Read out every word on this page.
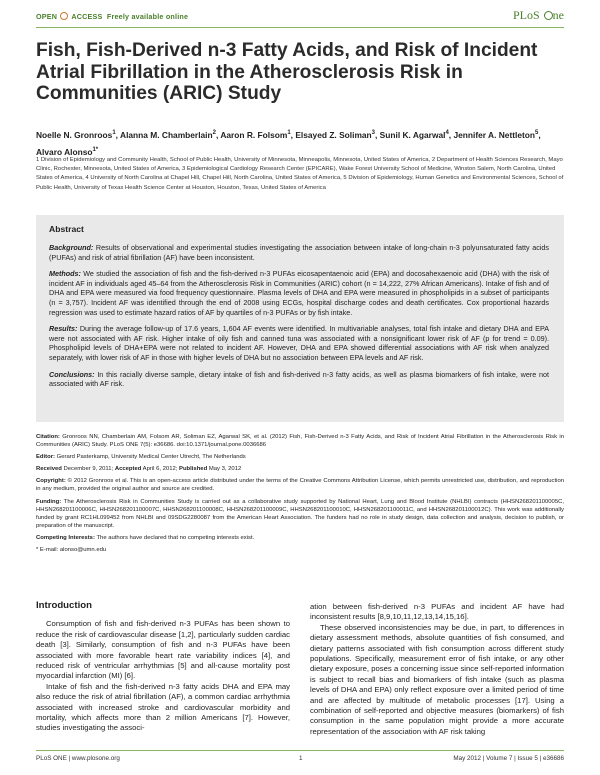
OPEN ACCESS Freely available online	PLoS ne
Fish, Fish-Derived n-3 Fatty Acids, and Risk of Incident Atrial Fibrillation in the Atherosclerosis Risk in Communities (ARIC) Study
Noelle N. Gronroos$^1$, Alanna M. Chamberlain$^2$, Aaron R. Folsom$^1$, Elsayed Z. Soliman$^3$, Sunil K. Agarwal$^4$, Jennifer A. Nettleton$^5$, Alvaro Alonso$^{1*}$
1 Division of Epidemiology and Community Health, School of Public Health, University of Minnesota, Minneapolis, Minnesota, United States of America, 2 Department of Health Sciences Research, Mayo Clinic, Rochester, Minnesota, United States of America, 3 Epidemiological Cardiology Research Center (EPICARE), Wake Forest University School of Medicine, Winston Salem, North Carolina, United States of America, 4 University of North Carolina at Chapel Hill, Chapel Hill, North Carolina, United States of America, 5 Division of Epidemiology, Human Genetics and Environmental Sciences, School of Public Health, University of Texas Health Science Center at Houston, Houston, Texas, United States of America
Abstract

Background: Results of observational and experimental studies investigating the association between intake of long-chain n-3 polyunsaturated fatty acids (PUFAs) and risk of atrial fibrillation (AF) have been inconsistent.

Methods: We studied the association of fish and the fish-derived n-3 PUFAs eicosapentaenoic acid (EPA) and docosahexaenoic acid (DHA) with the risk of incident AF in individuals aged 45–64 from the Atherosclerosis Risk in Communities (ARIC) cohort (n = 14,222, 27% African Americans). Intake of fish and of DHA and EPA were measured via food frequency questionnaire. Plasma levels of DHA and EPA were measured in phospholipids in a subset of participants (n = 3,757). Incident AF was identified through the end of 2008 using ECGs, hospital discharge codes and death certificates. Cox proportional hazards regression was used to estimate hazard ratios of AF by quartiles of n-3 PUFAs or by fish intake.

Results: During the average follow-up of 17.6 years, 1,604 AF events were identified. In multivariable analyses, total fish intake and dietary DHA and EPA were not associated with AF risk. Higher intake of oily fish and canned tuna was associated with a nonsignificant lower risk of AF (p for trend = 0.09). Phospholipid levels of DHA+EPA were not related to incident AF. However, DHA and EPA showed differential associations with AF risk when analyzed separately, with lower risk of AF in those with higher levels of DHA but no association between EPA levels and AF risk.

Conclusions: In this racially diverse sample, dietary intake of fish and fish-derived n-3 fatty acids, as well as plasma biomarkers of fish intake, were not associated with AF risk.

Citation: Gronroos NN, Chamberlain AM, Folsom AR, Soliman EZ, Agarwal SK, et al. (2012) Fish, Fish-Derived n-3 Fatty Acids, and Risk of Incident Atrial Fibrillation in the Atherosclerosis Risk in Communities (ARIC) Study. PLoS ONE 7(5): e36686. doi:10.1371/journal.pone.0036686

Editor: Gerard Pasterkamp, University Medical Center Utrecht, The Netherlands

Received December 9, 2011; Accepted April 6, 2012; Published May 3, 2012

Copyright: © 2012 Gronroos et al. This is an open-access article distributed under the terms of the Creative Commons Attribution License, which permits unrestricted use, distribution, and reproduction in any medium, provided the original author and source are credited.

Funding: The Atherosclerosis Risk in Communities Study is carried out as a collaborative study supported by National Heart, Lung and Blood Institute (NHLBI) contracts (HHSN268201100005C, HHSN268201100006C, HHSN268201100007C, HHSN268201100008C, HHSN268201100009C, HHSN268201100010C, HHSN268201100011C, and HHSN268201100012C). This work was additionally funded by grant RC1HL099452 from NHLBI and 09SDG2280087 from the American Heart Association. The funders had no role in study design, data collection and analysis, decision to publish, or preparation of the manuscript.

Competing Interests: The authors have declared that no competing interests exist.

* E-mail: alonso@umn.edu

Introduction

Consumption of fish and fish-derived n-3 PUFAs has been shown to reduce the risk of cardiovascular disease [1,2], particularly sudden cardiac death [3]. Similarly, consumption of fish and n-3 PUFAs have been associated with more favorable heart rate variability indices [4], and reduced risk of ventricular arrhythmias [5] and all-cause mortality post myocardial infarction (MI) [6].

Intake of fish and the fish-derived n-3 fatty acids DHA and EPA may also reduce the risk of atrial fibrillation (AF), a common cardiac arrhythmia associated with increased stroke and cardiovascular morbidity and mortality, which affects more than 2 million Americans [7]. However, studies investigating the associ-

ation between fish-derived n-3 PUFAs and incident AF have had inconsistent results [8,9,10,11,12,13,14,15,16].

These observed inconsistencies may be due, in part, to differences in dietary assessment methods, absolute quantities of fish consumed, and dietary patterns associated with fish consumption across different study populations. Specifically, measurement error of fish intake, or any other dietary exposure, poses a concerning issue since self-reported information is subject to recall bias and biomarkers of fish intake (such as plasma levels of DHA and EPA) only reflect exposure over a limited period of time and are affected by multitude of metabolic processes [17]. Using a combination of self-reported and objective measures (biomarkers) of fish consumption in the same population might provide a more accurate representation of the association with AF risk taking

PLoS ONE | www.plosone.org	1	May 2012 | Volume 7 | Issue 5 | e36686
